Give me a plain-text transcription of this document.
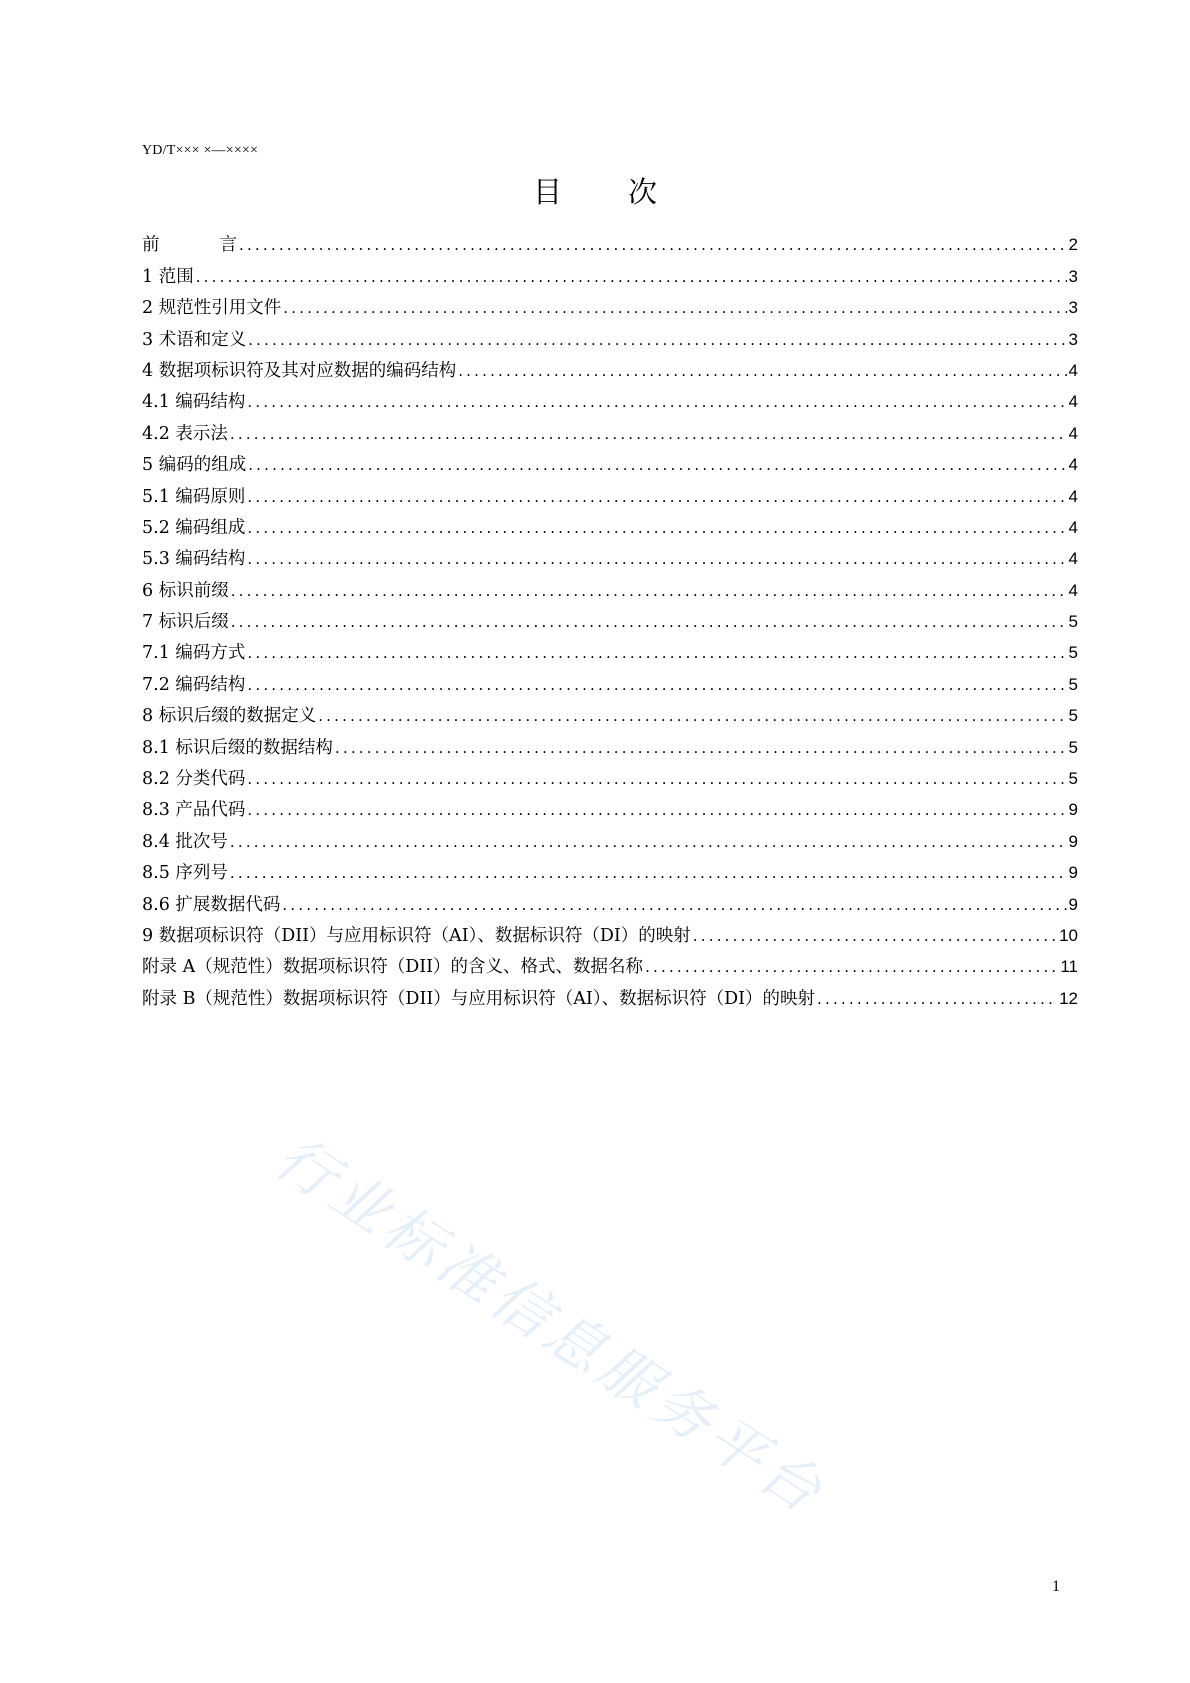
YD/T××× ×—××××
目 次
前	言 .....	2
1 范围 .....	3
2 规范性引用文件 .....	3
3 术语和定义 .....	3
4 数据项标识符及其对应数据的编码结构 .....	4
4.1 编码结构 .....	4
4.2 表示法 .....	4
5 编码的组成 .....	4
5.1 编码原则 .....	4
5.2 编码组成 .....	4
5.3 编码结构 .....	4
6 标识前缀 .....	4
7 标识后缀 .....	5
7.1 编码方式 .....	5
7.2 编码结构 .....	5
8 标识后缀的数据定义 .....	5
8.1 标识后缀的数据结构 .....	5
8.2 分类代码 .....	5
8.3 产品代码 .....	9
8.4 批次号 .....	9
8.5 序列号 .....	9
8.6 扩展数据代码 .....	9
9 数据项标识符（DII）与应用标识符（AI）、数据标识符（DI）的映射 .....	10
附录 A（规范性）数据项标识符（DII）的含义、格式、数据名称 .....	11
附录 B（规范性）数据项标识符（DII）与应用标识符（AI）、数据标识符（DI）的映射 .....	12
行业标准信息服务平台
1
